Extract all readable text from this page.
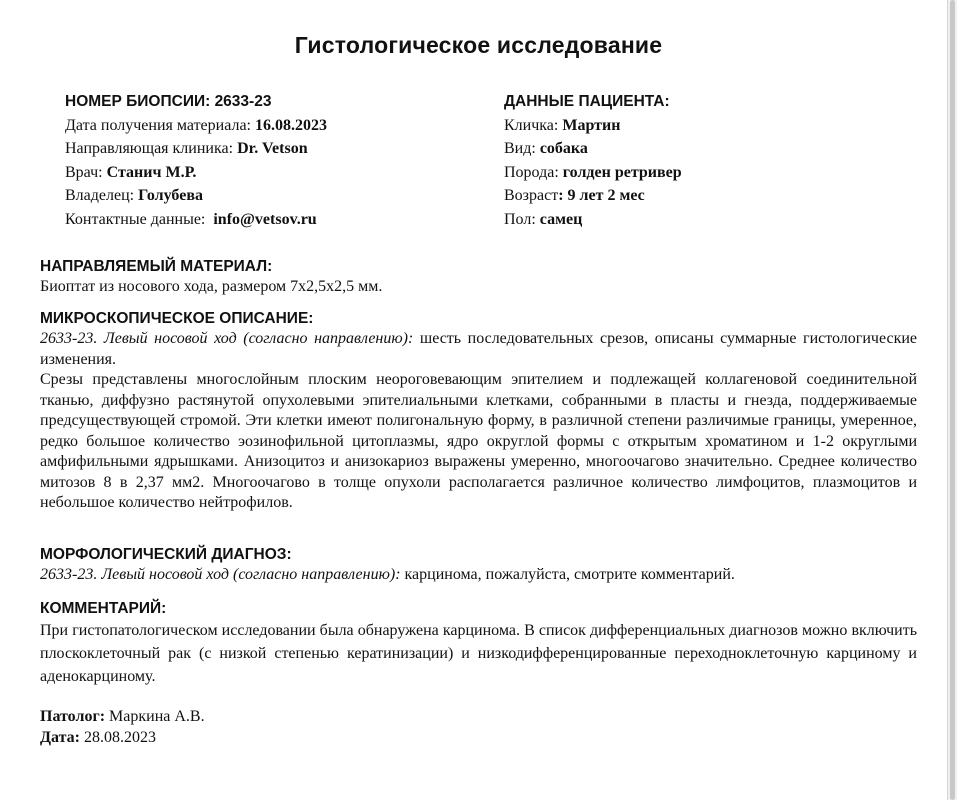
Гистологическое исследование
НОМЕР БИОПСИИ: 2633-23
Дата получения материала: 16.08.2023
Направляющая клиника: Dr. Vetson
Врач: Станич М.Р.
Владелец: Голубева
Контактные данные:  info@vetsov.ru
ДАННЫЕ ПАЦИЕНТА:
Кличка: Мартин
Вид: собака
Порода: голден ретривер
Возраст: 9 лет 2 мес
Пол: самец
НАПРАВЛЯЕМЫЙ МАТЕРИАЛ:
Биоптат из носового хода, размером 7х2,5х2,5 мм.
МИКРОСКОПИЧЕСКОЕ ОПИСАНИЕ:
2633-23. Левый носовой ход (согласно направлению): шесть последовательных срезов, описаны суммарные гистологические изменения.
Срезы представлены многослойным плоским неороговевающим эпителием и подлежащей коллагеновой соединительной тканью, диффузно растянутой опухолевыми эпителиальными клетками, собранными в пласты и гнезда, поддерживаемые предсуществующей стромой. Эти клетки имеют полигональную форму, в различной степени различимые границы, умеренное, редко большое количество эозинофильной цитоплазмы, ядро округлой формы с открытым хроматином и 1-2 округлыми амфифильными ядрышками. Анизоцитоз и анизокариоз выражены умеренно, многоочагово значительно. Среднее количество митозов 8 в 2,37 мм2. Многоочагово в толще опухоли располагается различное количество лимфоцитов, плазмоцитов и небольшое количество нейтрофилов.
МОРФОЛОГИЧЕСКИЙ ДИАГНОЗ:
2633-23. Левый носовой ход (согласно направлению): карцинома, пожалуйста, смотрите комментарий.
КОММЕНТАРИЙ:
При гистопатологическом исследовании была обнаружена карцинома. В список дифференциальных диагнозов можно включить плоскоклеточный рак (с низкой степенью кератинизации) и низкодифференцированные переходноклеточную карциному и аденокарциному.
Патолог: Маркина А.В.
Дата: 28.08.2023
